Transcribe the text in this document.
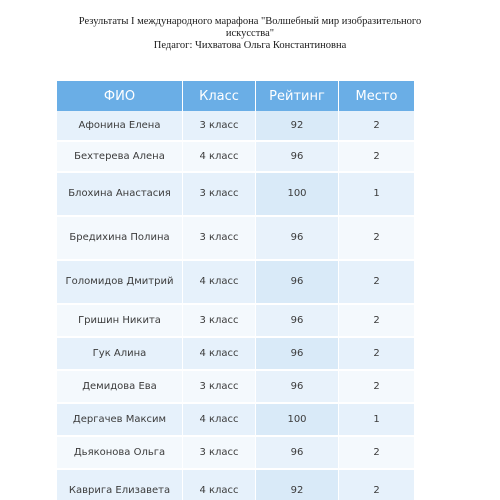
Результаты I международного марафона "Волшебный мир изобразительного
искусства"
Педагог: Чихватова Ольга Константиновна
ФИО	Класс	Рейтинг	Место
Афонина Елена	3 класс	92	2
Бехтерева Алена	4 класс	96	2
Блохина Анастасия	3 класс	100	1
Бредихина Полина	3 класс	96	2
Голомидов Дмитрий	4 класс	96	2
Гришин Никита	3 класс	96	2
Гук Алина	4 класс	96	2
Демидова Ева	3 класс	96	2
Дергачев Максим	4 класс	100	1
Дьяконова Ольга	3 класс	96	2
Кавригa Елизавета	4 класс	92	2
